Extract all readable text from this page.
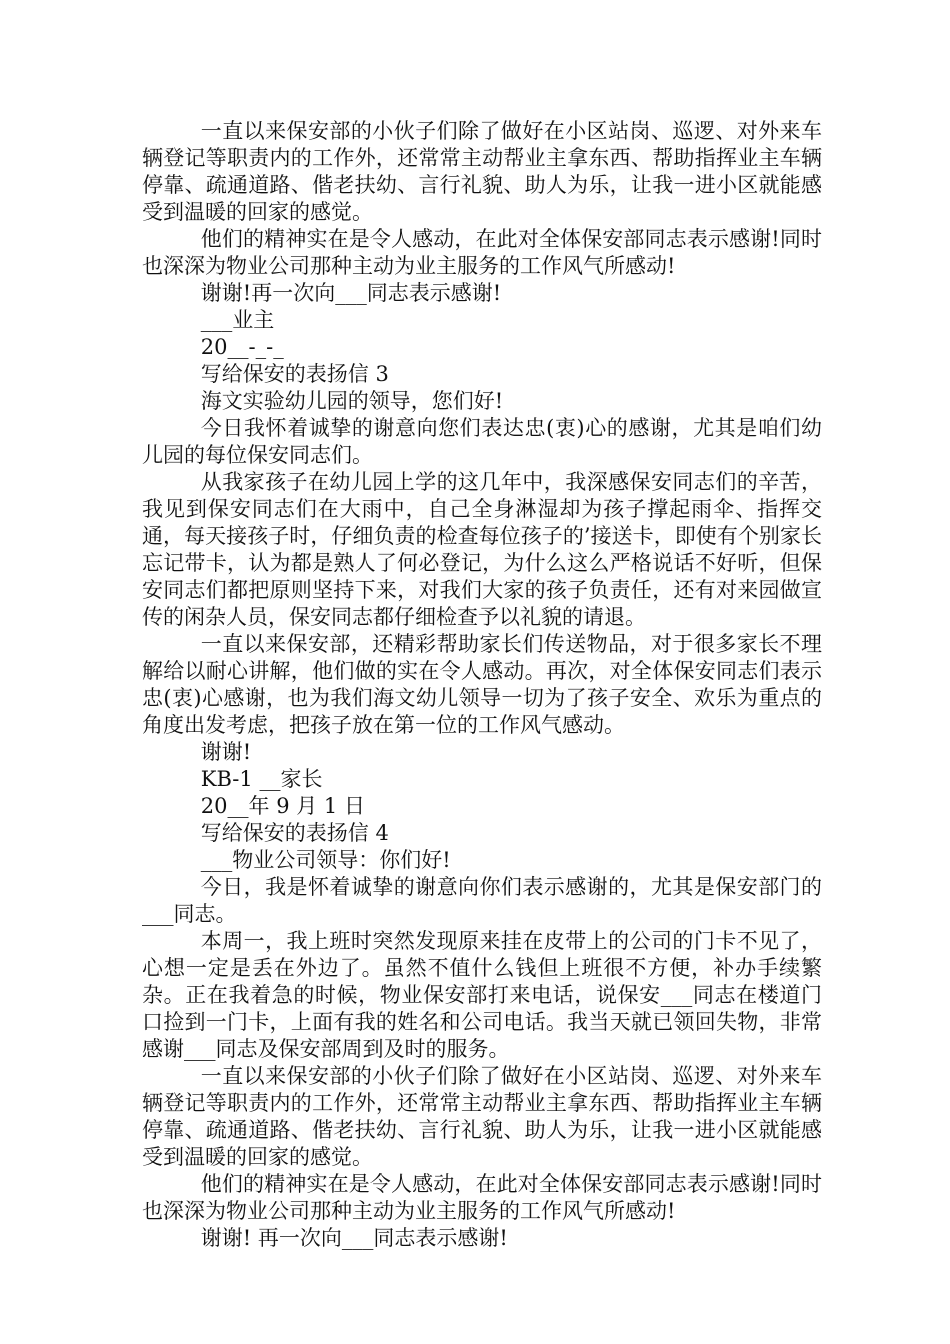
一直以来保安部的小伙子们除了做好在小区站岗、巡逻、对外来车辆登记等职责内的工作外，还常常主动帮业主拿东西、帮助指挥业主车辆停靠、疏通道路、偕老扶幼、言行礼貌、助人为乐，让我一进小区就能感受到温暖的回家的感觉。

他们的精神实在是令人感动，在此对全体保安部同志表示感谢!同时也深深为物业公司那种主动为业主服务的工作风气所感动!

谢谢!再一次向___同志表示感谢!

___业主

20__-_-_

写给保安的表扬信 3

海文实验幼儿园的领导，您们好!

今日我怀着诚挚的谢意向您们表达忠(衷)心的感谢，尤其是咱们幼儿园的每位保安同志们。

从我家孩子在幼儿园上学的这几年中，我深感保安同志们的辛苦，我见到保安同志们在大雨中，自己全身淋湿却为孩子撑起雨伞、指挥交通，每天接孩子时，仔细负责的检查每位孩子的’接送卡，即使有个别家长忘记带卡，认为都是熟人了何必登记，为什么这么严格说话不好听，但保安同志们都把原则坚持下来，对我们大家的孩子负责任，还有对来园做宣传的闲杂人员，保安同志都仔细检查予以礼貌的请退。

一直以来保安部，还精彩帮助家长们传送物品，对于很多家长不理解给以耐心讲解，他们做的实在令人感动。再次，对全体保安同志们表示忠(衷)心感谢，也为我们海文幼儿领导一切为了孩子安全、欢乐为重点的角度出发考虑，把孩子放在第一位的工作风气感动。

谢谢!

KB-1 __家长

20__年 9 月 1 日

写给保安的表扬信 4

___物业公司领导：你们好!

今日，我是怀着诚挚的谢意向你们表示感谢的，尤其是保安部门的___同志。

本周一，我上班时突然发现原来挂在皮带上的公司的门卡不见了，心想一定是丢在外边了。虽然不值什么钱但上班很不方便，补办手续繁杂。正在我着急的时候，物业保安部打来电话，说保安___同志在楼道门口捡到一门卡，上面有我的姓名和公司电话。我当天就已领回失物，非常感谢___同志及保安部周到及时的服务。

一直以来保安部的小伙子们除了做好在小区站岗、巡逻、对外来车辆登记等职责内的工作外，还常常主动帮业主拿东西、帮助指挥业主车辆停靠、疏通道路、偕老扶幼、言行礼貌、助人为乐，让我一进小区就能感受到温暖的回家的感觉。

他们的精神实在是令人感动，在此对全体保安部同志表示感谢!同时也深深为物业公司那种主动为业主服务的工作风气所感动!

谢谢! 再一次向___同志表示感谢!
